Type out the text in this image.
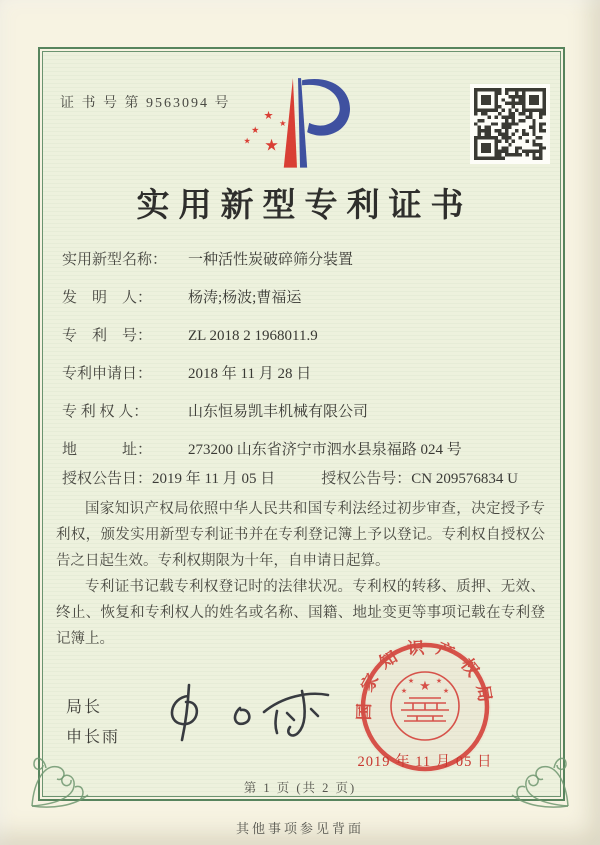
证 书 号 第 9563094 号
★
★
★
★ ★
实用新型专利证书
实用新型名称：	一种活性炭破碎筛分装置
发　明　人：	杨涛;杨波;曹福运
专　利　号：	ZL 2018 2 1968011.9
专利申请日：	2018 年 11 月 28 日
专 利 权 人：	山东恒易凯丰机械有限公司
地　　　址：	273200 山东省济宁市泗水县泉福路 024 号
授权公告日： 2019 年 11 月 05 日	授权公告号： CN 209576834 U

国家知识产权局依照中华人民共和国专利法经过初步审查，决定授予专利权，颁发实用新型专利证书并在专利登记簿上予以登记。专利权自授权公告之日起生效。专利权期限为十年，自申请日起算。

专利证书记载专利权登记时的法律状况。专利权的转移、质押、无效、终止、恢复和专利权人的姓名或名称、国籍、地址变更等事项记载在专利登记簿上。

局长
申长雨
国家知识产权局
★
★	★
★	★
2019 年 11 月 05 日
第 1 页 (共 2 页)
其他事项参见背面
